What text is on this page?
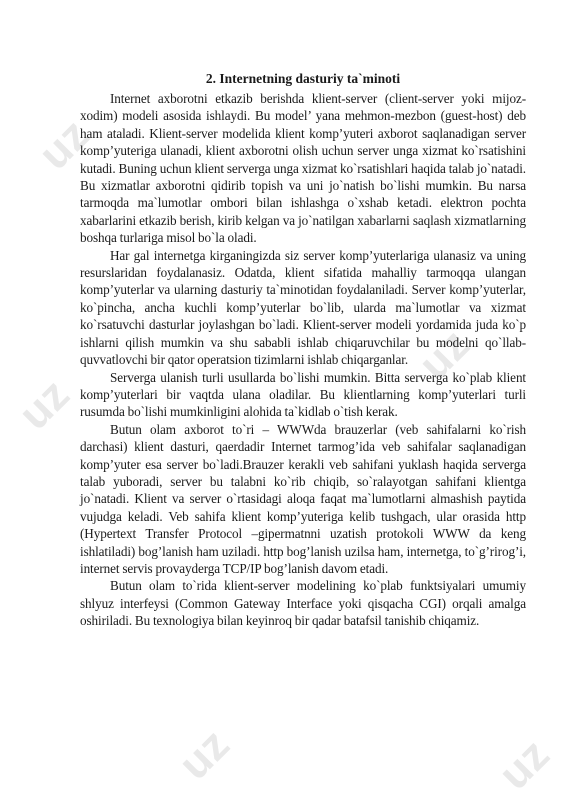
uz
uz
uz	uz
uz

2. Internetning dasturiy ta`minoti

Internet axborotni etkazib berishda klient-server (client-server yoki mijoz-xodim) modeli asosida ishlaydi. Bu model’ yana mehmon-mezbon (guest-host) deb ham ataladi. Klient-server modelida klient komp’yuteri axborot saqlanadigan server komp’yuteriga ulanadi, klient axborotni olish uchun server unga xizmat ko`rsatishini kutadi. Buning uchun klient serverga unga xizmat ko`rsatishlari haqida talab jo`natadi. Bu xizmatlar axborotni qidirib topish va uni jo`natish bo`lishi mumkin. Bu narsa tarmoqda ma`lumotlar ombori bilan ishlashga o`xshab ketadi. elektron pochta xabarlarini etkazib berish, kirib kelgan va jo`natilgan xabarlarni saqlash xizmatlarning boshqa turlariga misol bo`la oladi.

Har gal internetga kirganingizda siz server komp’yuterlariga ulanasiz va uning resurslaridan foydalanasiz. Odatda, klient sifatida mahalliy tarmoqqa ulangan komp’yuterlar va ularning dasturiy ta`minotidan foydalaniladi. Server komp’yuterlar, ko`pincha, ancha kuchli komp’yuterlar bo`lib, ularda ma`lumotlar va xizmat ko`rsatuvchi dasturlar joylashgan bo`ladi. Klient-server modeli yordamida juda ko`p ishlarni qilish mumkin va shu sababli ishlab chiqaruvchilar bu modelni qo`llab-quvvatlovchi bir qator operatsion tizimlarni ishlab chiqarganlar.

Serverga ulanish turli usullarda bo`lishi mumkin. Bitta serverga ko`plab klient komp’yuterlari bir vaqtda ulana oladilar. Bu klientlarning komp’yuterlari turli rusumda bo`lishi mumkinligini alohida ta`kidlab o`tish kerak.

Butun olam axborot to`ri – WWWda brauzerlar (veb sahifalarni ko`rish darchasi) klient dasturi, qaerdadir Internet tarmog’ida veb sahifalar saqlanadigan komp’yuter esa server bo`ladi.Brauzer kerakli veb sahifani yuklash haqida serverga talab yuboradi, server bu talabni ko`rib chiqib, so`ralayotgan sahifani klientga jo`natadi. Klient va server o`rtasidagi aloqa faqat ma`lumotlarni almashish paytida vujudga keladi. Veb sahifa klient komp’yuteriga kelib tushgach, ular orasida http (Hypertext Transfer Protocol –gipermatnni uzatish protokoli WWW da keng ishlatiladi) bog’lanish ham uziladi. http bog’lanish uzilsa ham, internetga, to`g’rirog’i, internet servis provayderga TCP/IP bog’lanish davom etadi.

Butun olam to`rida klient-server modelining ko`plab funktsiyalari umumiy shlyuz interfeysi (Common Gateway Interface yoki qisqacha CGI) orqali amalga oshiriladi. Bu texnologiya bilan keyinroq bir qadar batafsil tanishib chiqamiz.
